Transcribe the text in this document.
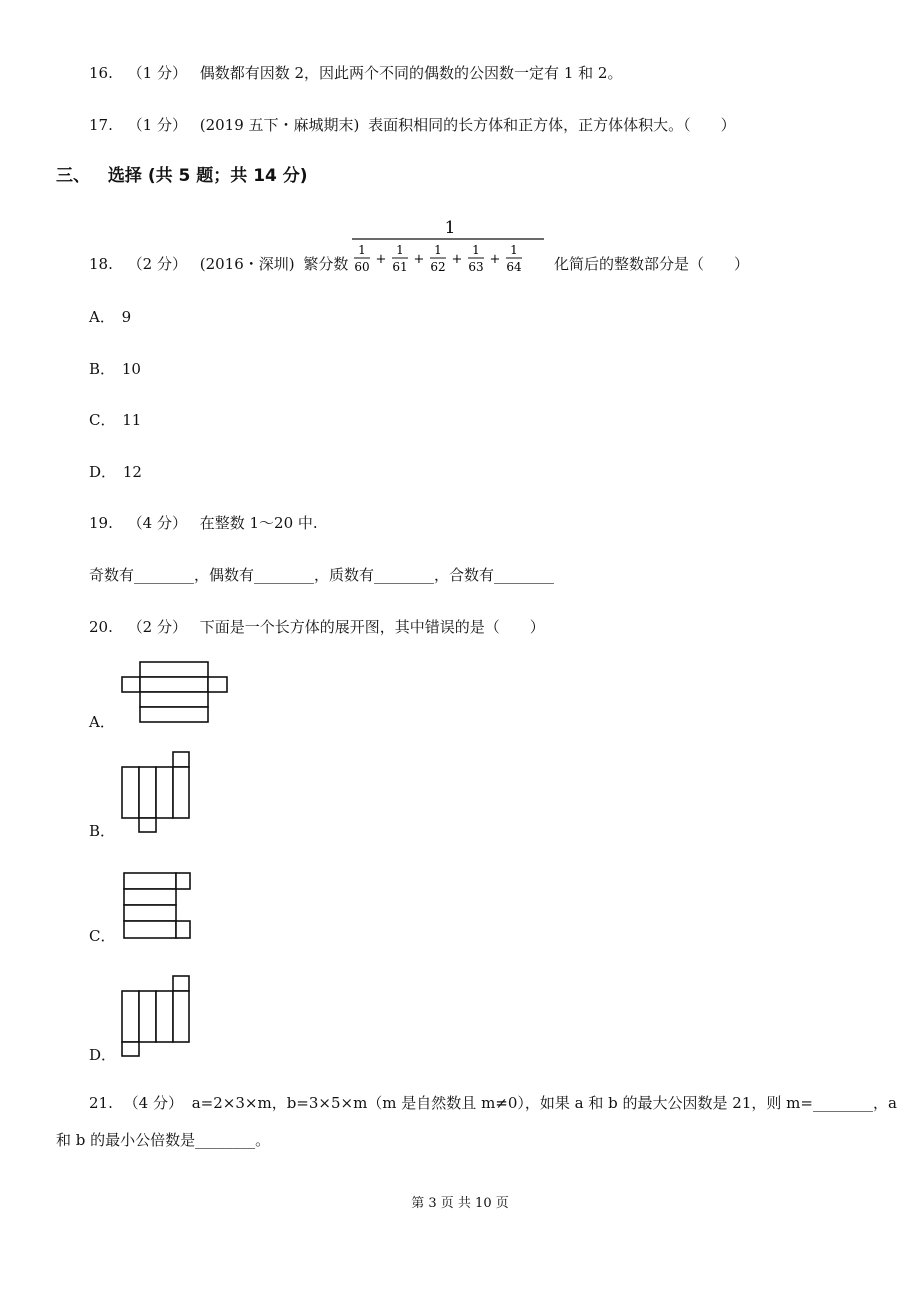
16. （1 分） 偶数都有因数 2，因此两个不同的偶数的公因数一定有 1 和 2。
17. （1 分） (2019 五下・麻城期末) 表面积相同的长方体和正方体，正方体体积大。（　　）
三、 选择 (共 5 题；共 14 分)
18. （2 分） (2016・深圳) 繁分数
1
1
60 +
1
61 +
1
62 +
1
63 +
1
64 化简后的整数部分是（　　）
A． 9
B． 10
C． 11
D． 12
19. （4 分） 在整数 1～20 中.
奇数有________，偶数有________，质数有________，合数有________
20. （2 分） 下面是一个长方体的展开图，其中错误的是（　　）
A．
B．
C．
D．
21. （4 分） a=2×3×m，b=3×5×m（m 是自然数且 m≠0），如果 a 和 b 的最大公因数是 21，则 m=________，a
和 b 的最小公倍数是________。
第 3 页 共 10 页
